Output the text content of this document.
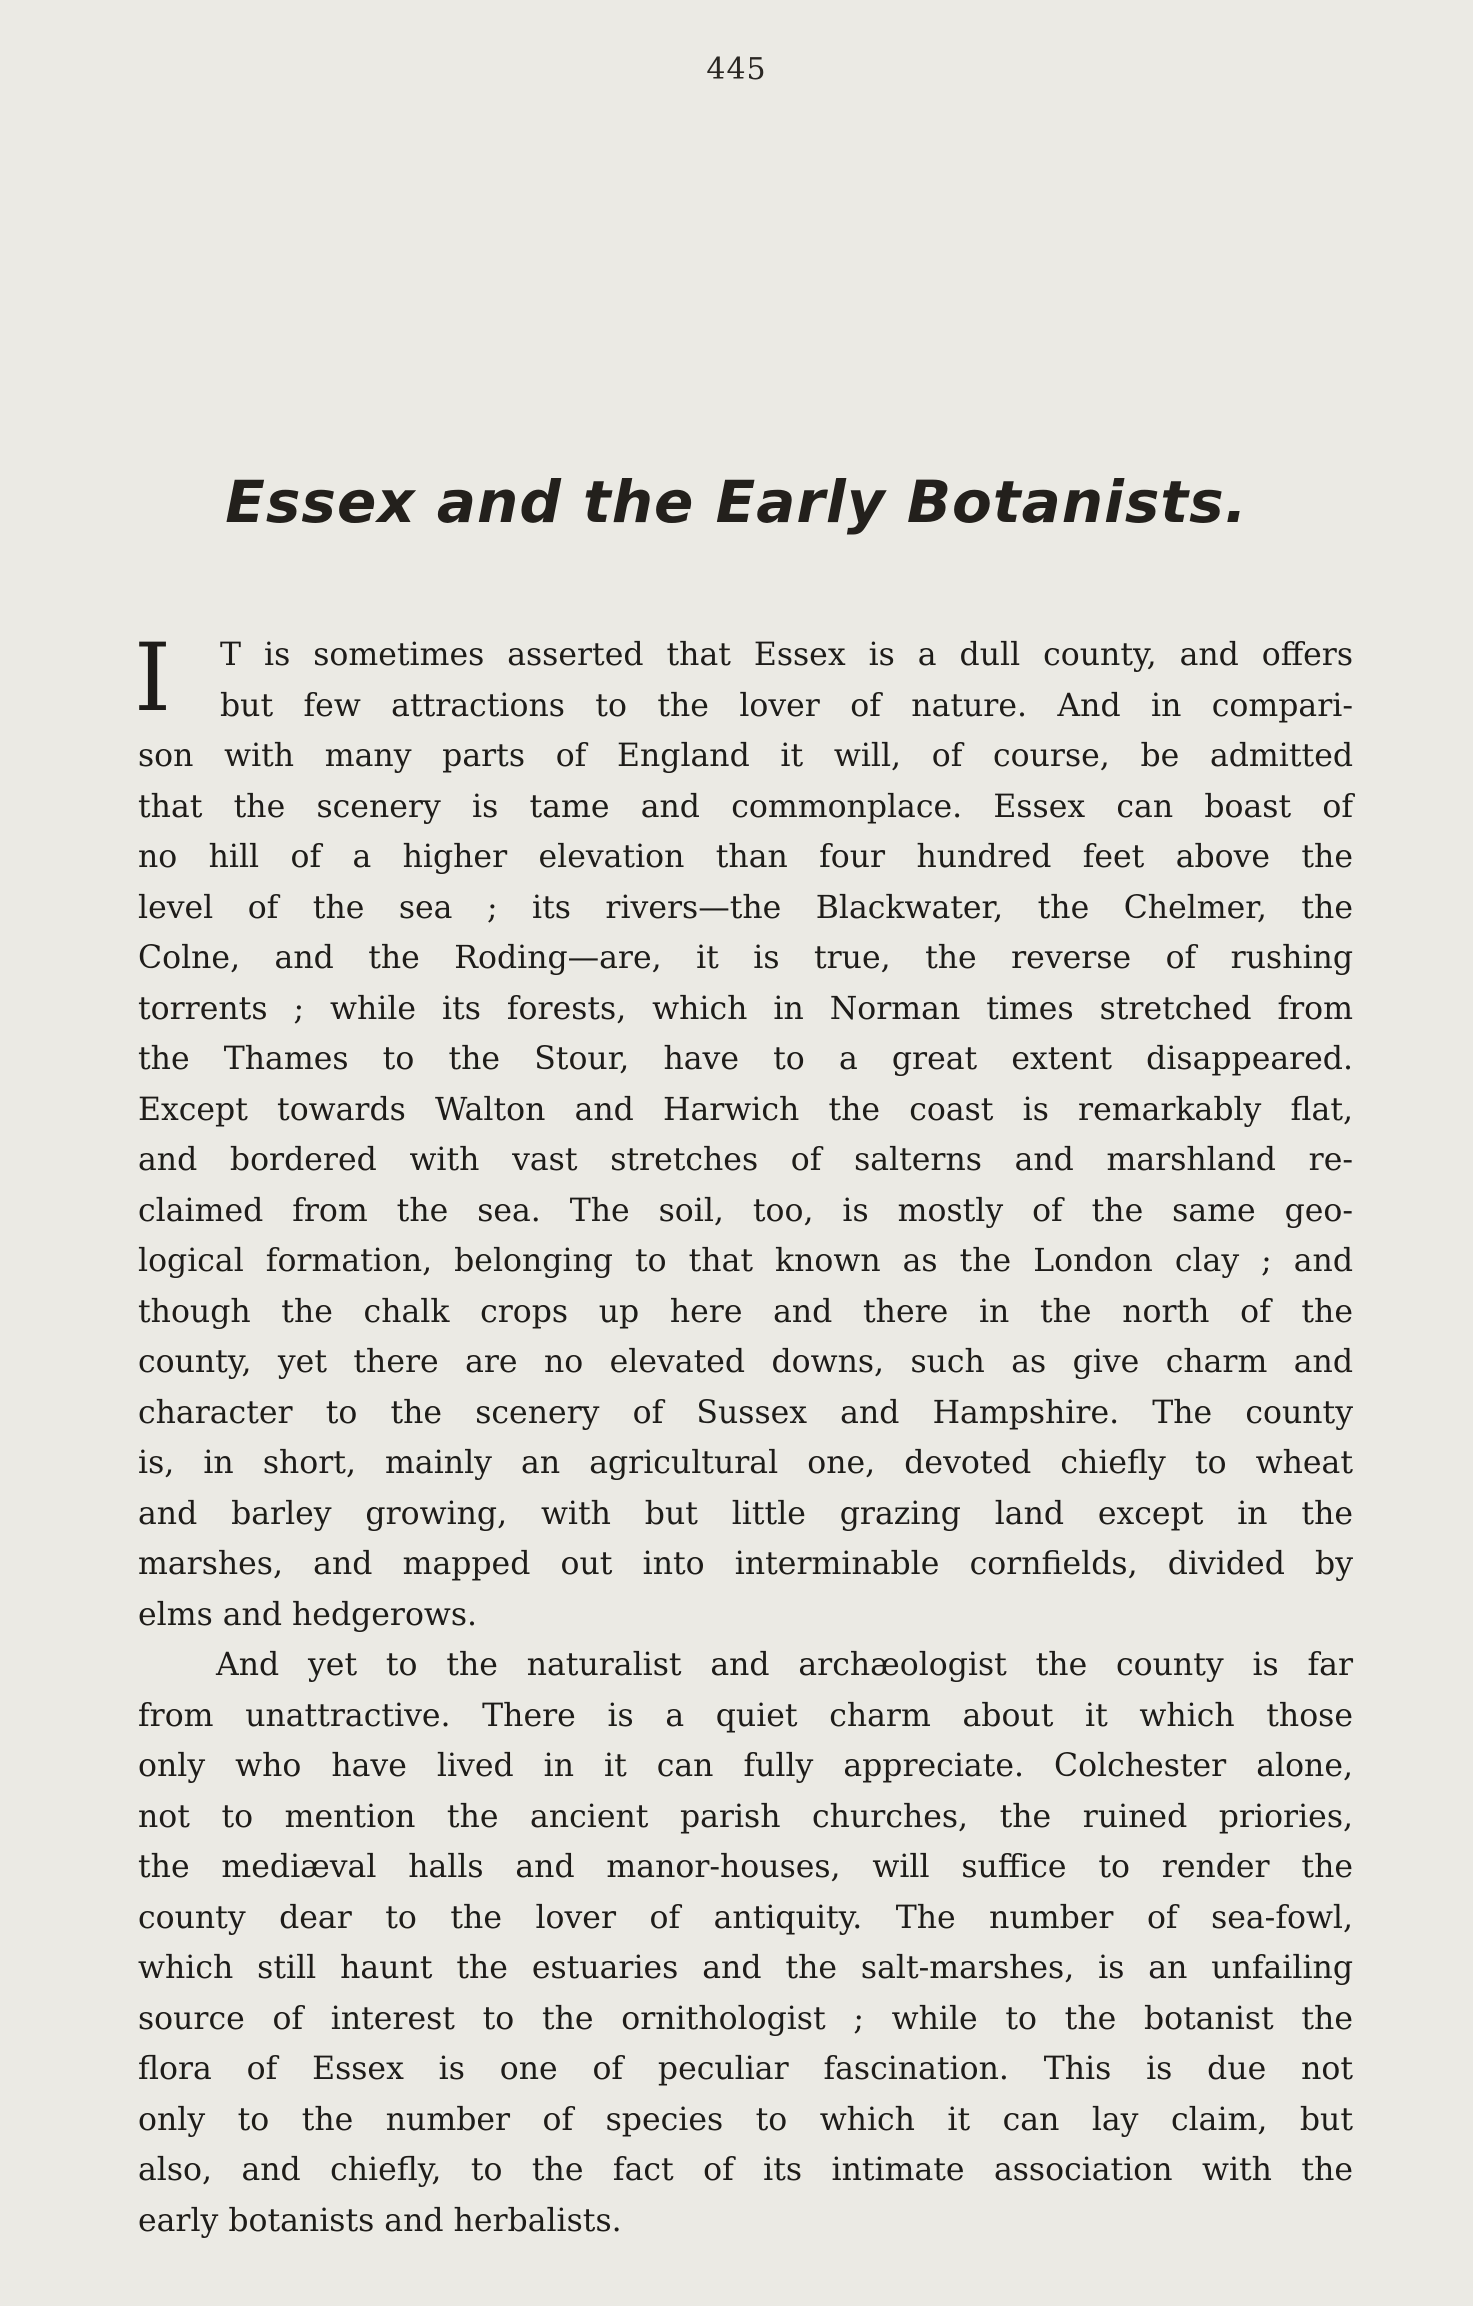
445
Essex and the Early Botanists.
I	T is sometimes asserted that Essex is a dull county, and offers
but few attractions to the lover of nature. And in compari-
son with many parts of England it will, of course, be admitted
that the scenery is tame and commonplace. Essex can boast of
no hill of a higher elevation than four hundred feet above the
level of the sea ; its rivers—the Blackwater, the Chelmer, the
Colne, and the Roding—are, it is true, the reverse of rushing
torrents ; while its forests, which in Norman times stretched from
the Thames to the Stour, have to a great extent disappeared.
Except towards Walton and Harwich the coast is remarkably flat,
and bordered with vast stretches of salterns and marshland re-
claimed from the sea. The soil, too, is mostly of the same geo-
logical formation, belonging to that known as the London clay ; and
though the chalk crops up here and there in the north of the
county, yet there are no elevated downs, such as give charm and
character to the scenery of Sussex and Hampshire. The county
is, in short, mainly an agricultural one, devoted chiefly to wheat
and barley growing, with but little grazing land except in the
marshes, and mapped out into interminable cornfields, divided by
elms and hedgerows.
And yet to the naturalist and archæologist the county is far
from unattractive. There is a quiet charm about it which those
only who have lived in it can fully appreciate. Colchester alone,
not to mention the ancient parish churches, the ruined priories,
the mediæval halls and manor-houses, will suffice to render the
county dear to the lover of antiquity. The number of sea-fowl,
which still haunt the estuaries and the salt-marshes, is an unfailing
source of interest to the ornithologist ; while to the botanist the
flora of Essex is one of peculiar fascination. This is due not
only to the number of species to which it can lay claim, but
also, and chiefly, to the fact of its intimate association with the
early botanists and herbalists.
